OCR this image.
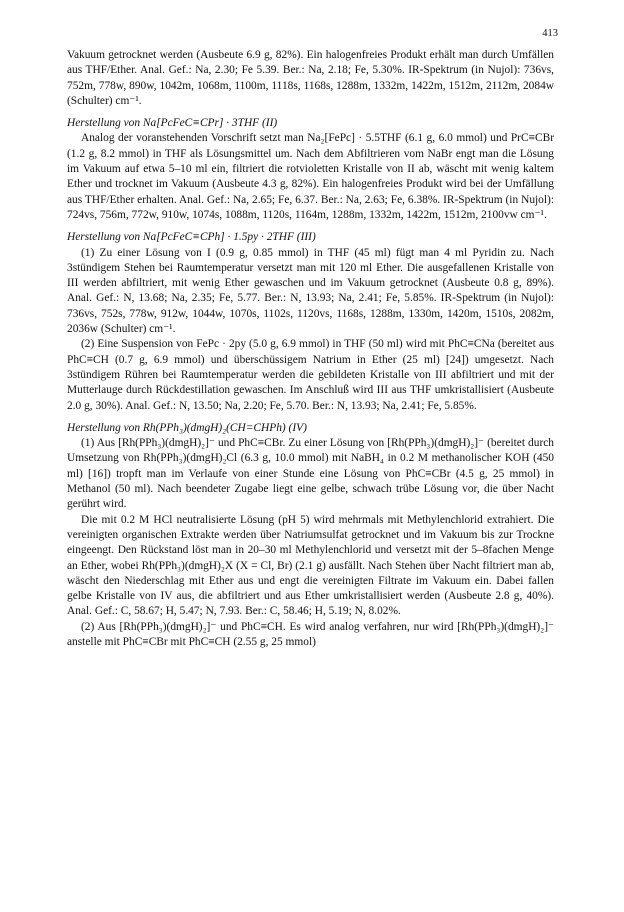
413

Vakuum getrocknet werden (Ausbeute 6.9 g, 82%). Ein halogenfreies Produkt erhält man durch Umfällen aus THF/Ether. Anal. Gef.: Na, 2.30; Fe 5.39. Ber.: Na, 2.18; Fe, 5.30%. IR-Spektrum (in Nujol): 736vs, 752m, 778w, 890w, 1042m, 1068m, 1100m, 1118s, 1168s, 1288m, 1332m, 1422m, 1512m, 2112m, 2084w (Schulter) cm⁻¹.

Herstellung von Na[PcFeC≡CPr] · 3THF (II)

Analog der voranstehenden Vorschrift setzt man Na₂[FePc] · 5.5THF (6.1 g, 6.0 mmol) und PrC≡CBr (1.2 g, 8.2 mmol) in THF als Lösungsmittel um. Nach dem Abfiltrieren vom NaBr engt man die Lösung im Vakuum auf etwa 5–10 ml ein, filtriert die rotvioletten Kristalle von II ab, wäscht mit wenig kaltem Ether und trocknet im Vakuum (Ausbeute 4.3 g, 82%). Ein halogenfreies Produkt wird bei der Umfällung aus THF/Ether erhalten. Anal. Gef.: Na, 2.65; Fe, 6.37. Ber.: Na, 2.63; Fe, 6.38%. IR-Spektrum (in Nujol): 724vs, 756m, 772w, 910w, 1074s, 1088m, 1120s, 1164m, 1288m, 1332m, 1422m, 1512m, 2100vw cm⁻¹.

Herstellung von Na[PcFeC≡CPh] · 1.5py · 2THF (III)

(1) Zu einer Lösung von I (0.9 g, 0.85 mmol) in THF (45 ml) fügt man 4 ml Pyridin zu. Nach 3stündigem Stehen bei Raumtemperatur versetzt man mit 120 ml Ether. Die ausgefallenen Kristalle von III werden abfiltriert, mit wenig Ether gewaschen und im Vakuum getrocknet (Ausbeute 0.8 g, 89%). Anal. Gef.: N, 13.68; Na, 2.35; Fe, 5.77. Ber.: N, 13.93; Na, 2.41; Fe, 5.85%. IR-Spektrum (in Nujol): 736vs, 752s, 778w, 912w, 1044w, 1070s, 1102s, 1120vs, 1168s, 1288m, 1330m, 1420m, 1510s, 2082m, 2036w (Schulter) cm⁻¹.

(2) Eine Suspension von FePc · 2py (5.0 g, 6.9 mmol) in THF (50 ml) wird mit PhC≡CNa (bereitet aus PhC≡CH (0.7 g, 6.9 mmol) und überschüssigem Natrium in Ether (25 ml) [24]) umgesetzt. Nach 3stündigem Rühren bei Raumtemperatur werden die gebildeten Kristalle von III abfiltriert und mit der Mutterlauge durch Rückdestillation gewaschen. Im Anschluß wird III aus THF umkristallisiert (Ausbeute 2.0 g, 30%). Anal. Gef.: N, 13.50; Na, 2.20; Fe, 5.70. Ber.: N, 13.93; Na, 2.41; Fe, 5.85%.

Herstellung von Rh(PPh₃)(dmgH)₂(CH=CHPh) (IV)

(1) Aus [Rh(PPh₃)(dmgH)₂]⁻ und PhC≡CBr. Zu einer Lösung von [Rh(PPh₃)(dmgH)₂]⁻ (bereitet durch Umsetzung von Rh(PPh₃)(dmgH)₂Cl (6.3 g, 10.0 mmol) mit NaBH₄ in 0.2 M methanolischer KOH (450 ml) [16]) tropft man im Verlaufe von einer Stunde eine Lösung von PhC≡CBr (4.5 g, 25 mmol) in Methanol (50 ml). Nach beendeter Zugabe liegt eine gelbe, schwach trübe Lösung vor, die über Nacht gerührt wird.

Die mit 0.2 M HCl neutralisierte Lösung (pH 5) wird mehrmals mit Methylenchlorid extrahiert. Die vereinigten organischen Extrakte werden über Natriumsulfat getrocknet und im Vakuum bis zur Trockne eingeengt. Den Rückstand löst man in 20–30 ml Methylenchlorid und versetzt mit der 5–8fachen Menge an Ether, wobei Rh(PPh₃)(dmgH)₂X (X = Cl, Br) (2.1 g) ausfällt. Nach Stehen über Nacht filtriert man ab, wäscht den Niederschlag mit Ether aus und engt die vereinigten Filtrate im Vakuum ein. Dabei fallen gelbe Kristalle von IV aus, die abfiltriert und aus Ether umkristallisiert werden (Ausbeute 2.8 g, 40%). Anal. Gef.: C, 58.67; H, 5.47; N, 7.93. Ber.: C, 58.46; H, 5.19; N, 8.02%.

(2) Aus [Rh(PPh₃)(dmgH)₂]⁻ und PhC≡CH. Es wird analog verfahren, nur wird [Rh(PPh₃)(dmgH)₂]⁻ anstelle mit PhC≡CBr mit PhC≡CH (2.55 g, 25 mmol)
